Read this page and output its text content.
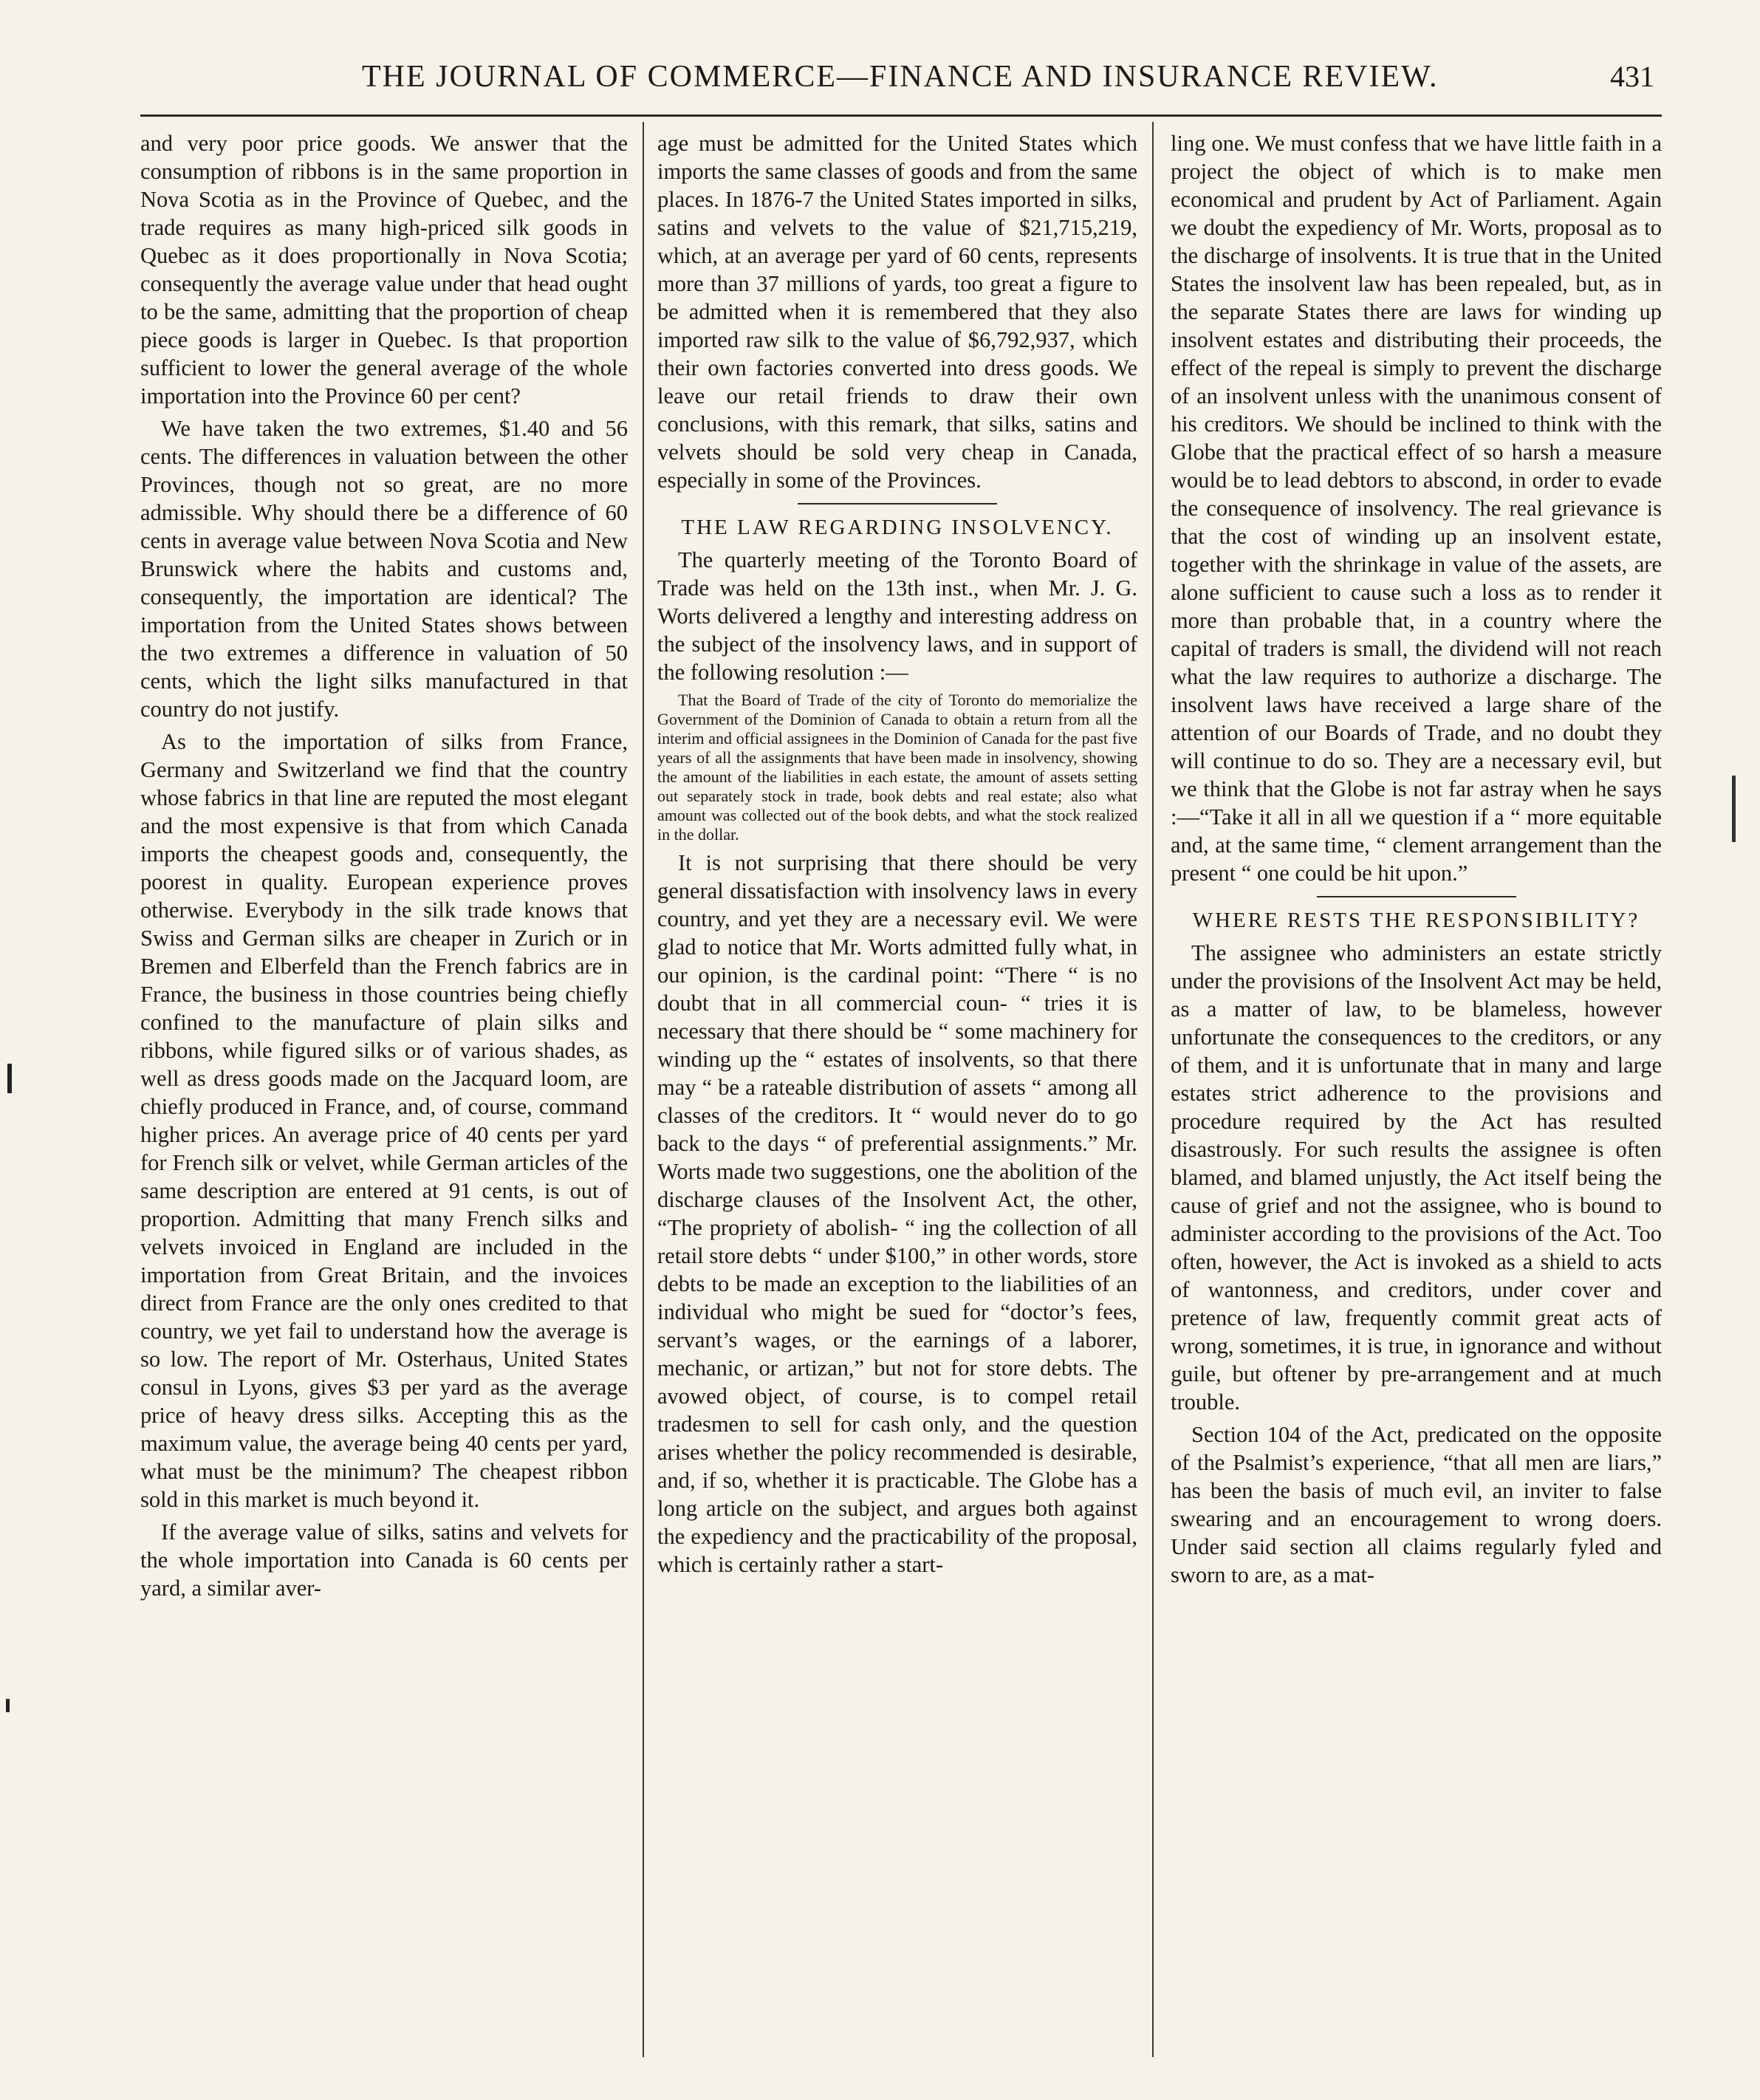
THE JOURNAL OF COMMERCE—FINANCE AND INSURANCE REVIEW.	431

and very poor price goods. We answer that the consumption of ribbons is in the same proportion in Nova Scotia as in the Province of Quebec, and the trade requires as many high-priced silk goods in Quebec as it does proportionally in Nova Scotia; consequently the average value under that head ought to be the same, admitting that the proportion of cheap piece goods is larger in Quebec. Is that proportion sufficient to lower the general average of the whole importation into the Province 60 per cent?

We have taken the two extremes, $1.40 and 56 cents. The differences in valuation between the other Provinces, though not so great, are no more admissible. Why should there be a difference of 60 cents in average value between Nova Scotia and New Brunswick where the habits and customs and, consequently, the importation are identical? The importation from the United States shows between the two extremes a difference in valuation of 50 cents, which the light silks manufactured in that country do not justify.

As to the importation of silks from France, Germany and Switzerland we find that the country whose fabrics in that line are reputed the most elegant and the most expensive is that from which Canada imports the cheapest goods and, consequently, the poorest in quality. European experience proves otherwise. Everybody in the silk trade knows that Swiss and German silks are cheaper in Zurich or in Bremen and Elberfeld than the French fabrics are in France, the business in those countries being chiefly confined to the manufacture of plain silks and ribbons, while figured silks or of various shades, as well as dress goods made on the Jacquard loom, are chiefly produced in France, and, of course, command higher prices. An average price of 40 cents per yard for French silk or velvet, while German articles of the same description are entered at 91 cents, is out of proportion. Admitting that many French silks and velvets invoiced in England are included in the importation from Great Britain, and the invoices direct from France are the only ones credited to that country, we yet fail to understand how the average is so low. The report of Mr. Osterhaus, United States consul in Lyons, gives $3 per yard as the average price of heavy dress silks. Accepting this as the maximum value, the average being 40 cents per yard, what must be the minimum? The cheapest ribbon sold in this market is much beyond it.

If the average value of silks, satins and velvets for the whole importation into Canada is 60 cents per yard, a similar aver-

age must be admitted for the United States which imports the same classes of goods and from the same places. In 1876-7 the United States imported in silks, satins and velvets to the value of $21,715,219, which, at an average per yard of 60 cents, represents more than 37 millions of yards, too great a figure to be admitted when it is remembered that they also imported raw silk to the value of $6,792,937, which their own factories converted into dress goods. We leave our retail friends to draw their own conclusions, with this remark, that silks, satins and velvets should be sold very cheap in Canada, especially in some of the Provinces.

THE LAW REGARDING INSOLVENCY.

The quarterly meeting of the Toronto Board of Trade was held on the 13th inst., when Mr. J. G. Worts delivered a lengthy and interesting address on the subject of the insolvency laws, and in support of the following resolution :—

That the Board of Trade of the city of Toronto do memorialize the Government of the Dominion of Canada to obtain a return from all the interim and official assignees in the Dominion of Canada for the past five years of all the assignments that have been made in insolvency, showing the amount of the liabilities in each estate, the amount of assets setting out separately stock in trade, book debts and real estate; also what amount was collected out of the book debts, and what the stock realized in the dollar.

It is not surprising that there should be very general dissatisfaction with insolvency laws in every country, and yet they are a necessary evil. We were glad to notice that Mr. Worts admitted fully what, in our opinion, is the cardinal point: “There “ is no doubt that in all commercial coun- “ tries it is necessary that there should be “ some machinery for winding up the “ estates of insolvents, so that there may “ be a rateable distribution of assets “ among all classes of the creditors. It “ would never do to go back to the days “ of preferential assignments.” Mr. Worts made two suggestions, one the abolition of the discharge clauses of the Insolvent Act, the other, “The propriety of abolish- “ ing the collection of all retail store debts “ under $100,” in other words, store debts to be made an exception to the liabilities of an individual who might be sued for “doctor’s fees, servant’s wages, or the earnings of a laborer, mechanic, or artizan,” but not for store debts. The avowed object, of course, is to compel retail tradesmen to sell for cash only, and the question arises whether the policy recommended is desirable, and, if so, whether it is practicable. The Globe has a long article on the subject, and argues both against the expediency and the practicability of the proposal, which is certainly rather a start-

ling one. We must confess that we have little faith in a project the object of which is to make men economical and prudent by Act of Parliament. Again we doubt the expediency of Mr. Worts, proposal as to the discharge of insolvents. It is true that in the United States the insolvent law has been repealed, but, as in the separate States there are laws for winding up insolvent estates and distributing their proceeds, the effect of the repeal is simply to prevent the discharge of an insolvent unless with the unanimous consent of his creditors. We should be inclined to think with the Globe that the practical effect of so harsh a measure would be to lead debtors to abscond, in order to evade the consequence of insolvency. The real grievance is that the cost of winding up an insolvent estate, together with the shrinkage in value of the assets, are alone sufficient to cause such a loss as to render it more than probable that, in a country where the capital of traders is small, the dividend will not reach what the law requires to authorize a discharge. The insolvent laws have received a large share of the attention of our Boards of Trade, and no doubt they will continue to do so. They are a necessary evil, but we think that the Globe is not far astray when he says :—“Take it all in all we question if a “ more equitable and, at the same time, “ clement arrangement than the present “ one could be hit upon.”

WHERE RESTS THE RESPONSIBILITY?

The assignee who administers an estate strictly under the provisions of the Insolvent Act may be held, as a matter of law, to be blameless, however unfortunate the consequences to the creditors, or any of them, and it is unfortunate that in many and large estates strict adherence to the provisions and procedure required by the Act has resulted disastrously. For such results the assignee is often blamed, and blamed unjustly, the Act itself being the cause of grief and not the assignee, who is bound to administer according to the provisions of the Act. Too often, however, the Act is invoked as a shield to acts of wantonness, and creditors, under cover and pretence of law, frequently commit great acts of wrong, sometimes, it is true, in ignorance and without guile, but oftener by pre-arrangement and at much trouble.

Section 104 of the Act, predicated on the opposite of the Psalmist’s experience, “that all men are liars,” has been the basis of much evil, an inviter to false swearing and an encouragement to wrong doers. Under said section all claims regularly fyled and sworn to are, as a mat-
